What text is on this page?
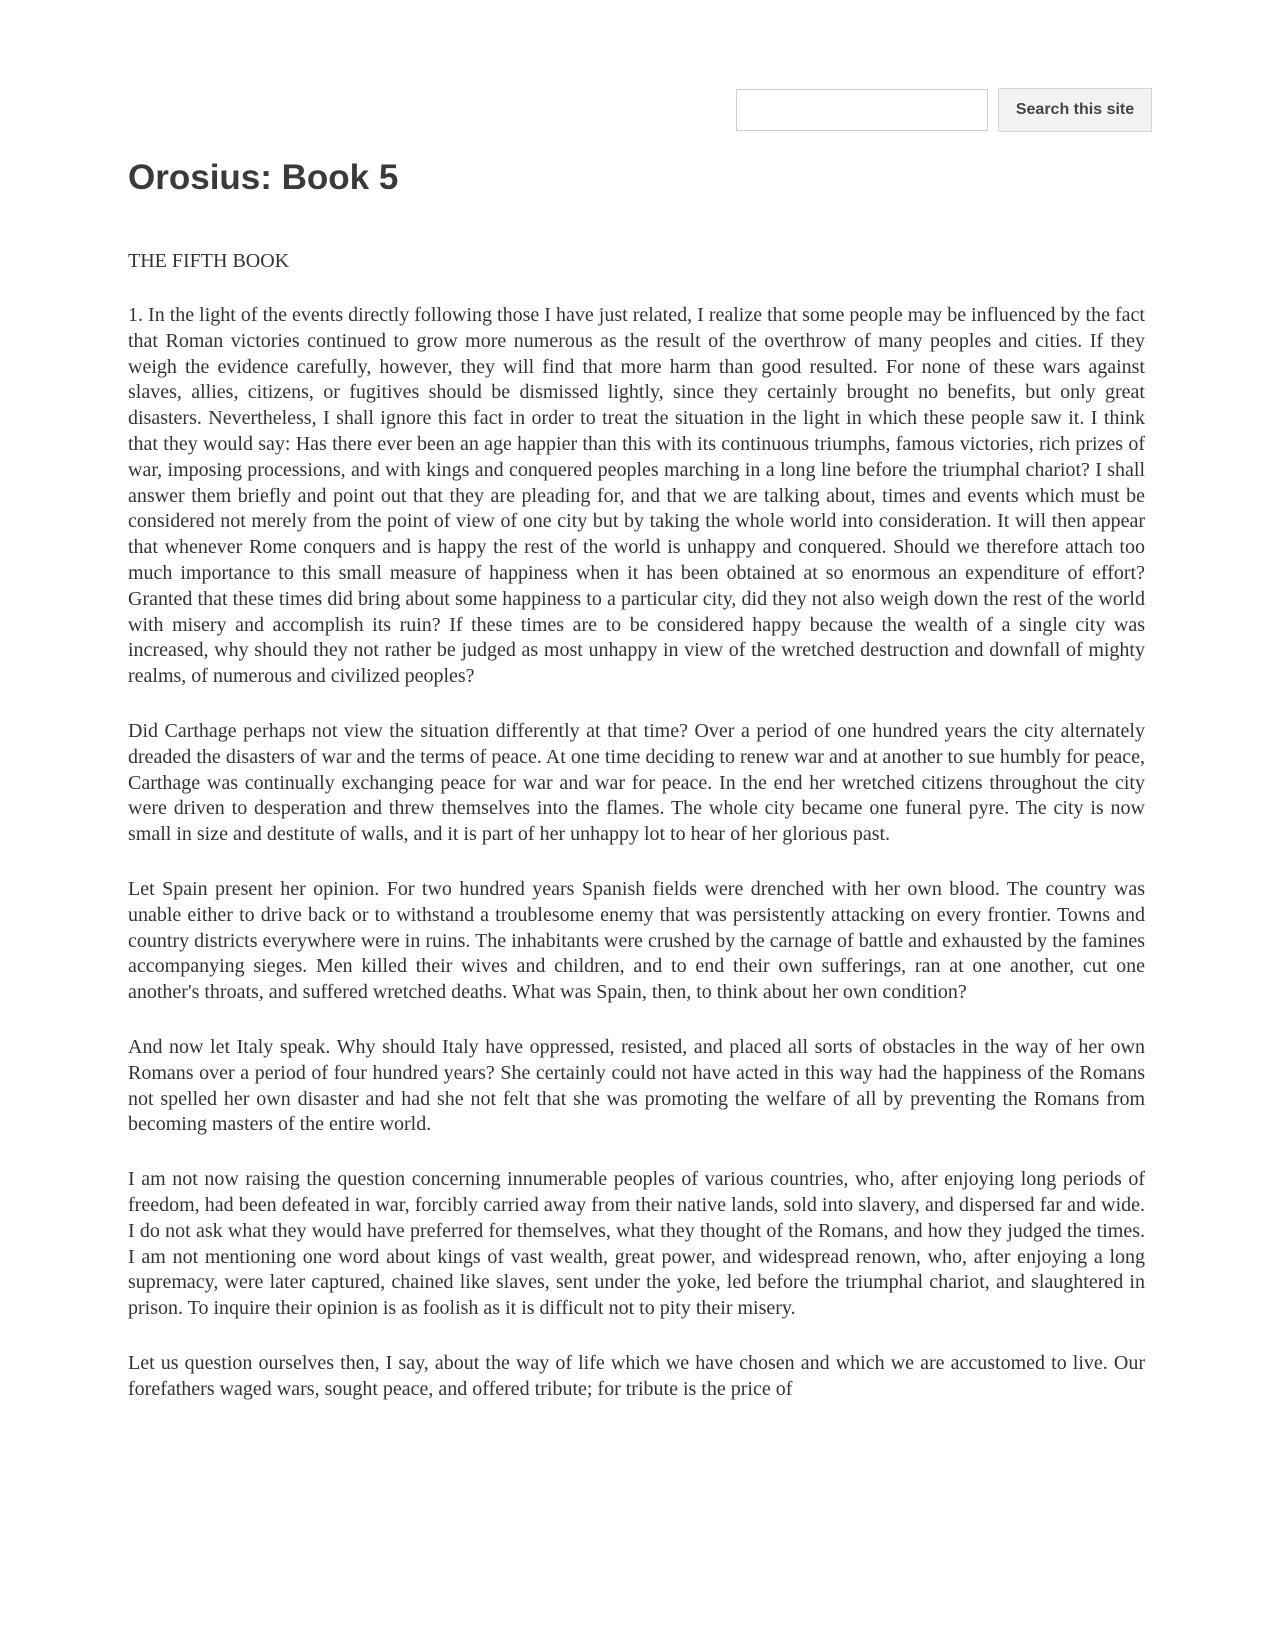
Search this site
Orosius: Book 5

THE FIFTH BOOK

1. In the light of the events directly following those I have just related, I realize that some people may be influenced by the fact that Roman victories continued to grow more numerous as the result of the overthrow of many peoples and cities. If they weigh the evidence carefully, however, they will find that more harm than good resulted. For none of these wars against slaves, allies, citizens, or fugitives should be dismissed lightly, since they certainly brought no benefits, but only great disasters. Nevertheless, I shall ignore this fact in order to treat the situation in the light in which these people saw it. I think that they would say: Has there ever been an age happier than this with its continuous triumphs, famous victories, rich prizes of war, imposing processions, and with kings and conquered peoples marching in a long line before the triumphal chariot? I shall answer them briefly and point out that they are pleading for, and that we are talking about, times and events which must be considered not merely from the point of view of one city but by taking the whole world into consideration. It will then appear that whenever Rome conquers and is happy the rest of the world is unhappy and conquered. Should we therefore attach too much importance to this small measure of happiness when it has been obtained at so enormous an expenditure of effort? Granted that these times did bring about some happiness to a particular city, did they not also weigh down the rest of the world with misery and accomplish its ruin? If these times are to be considered happy because the wealth of a single city was increased, why should they not rather be judged as most unhappy in view of the wretched destruction and downfall of mighty realms, of numerous and civilized peoples?

Did Carthage perhaps not view the situation differently at that time? Over a period of one hundred years the city alternately dreaded the disasters of war and the terms of peace. At one time deciding to renew war and at another to sue humbly for peace, Carthage was continually exchanging peace for war and war for peace. In the end her wretched citizens throughout the city were driven to desperation and threw themselves into the flames. The whole city became one funeral pyre. The city is now small in size and destitute of walls, and it is part of her unhappy lot to hear of her glorious past.

Let Spain present her opinion. For two hundred years Spanish fields were drenched with her own blood. The country was unable either to drive back or to withstand a troublesome enemy that was persistently attacking on every frontier. Towns and country districts everywhere were in ruins. The inhabitants were crushed by the carnage of battle and exhausted by the famines accompanying sieges. Men killed their wives and children, and to end their own sufferings, ran at one another, cut one another's throats, and suffered wretched deaths. What was Spain, then, to think about her own condition?

And now let Italy speak. Why should Italy have oppressed, resisted, and placed all sorts of obstacles in the way of her own Romans over a period of four hundred years? She certainly could not have acted in this way had the happiness of the Romans not spelled her own disaster and had she not felt that she was promoting the welfare of all by preventing the Romans from becoming masters of the entire world.

I am not now raising the question concerning innumerable peoples of various countries, who, after enjoying long periods of freedom, had been defeated in war, forcibly carried away from their native lands, sold into slavery, and dispersed far and wide. I do not ask what they would have preferred for themselves, what they thought of the Romans, and how they judged the times. I am not mentioning one word about kings of vast wealth, great power, and widespread renown, who, after enjoying a long supremacy, were later captured, chained like slaves, sent under the yoke, led before the triumphal chariot, and slaughtered in prison. To inquire their opinion is as foolish as it is difficult not to pity their misery.

Let us question ourselves then, I say, about the way of life which we have chosen and which we are accustomed to live. Our forefathers waged wars, sought peace, and offered tribute; for tribute is the price of
